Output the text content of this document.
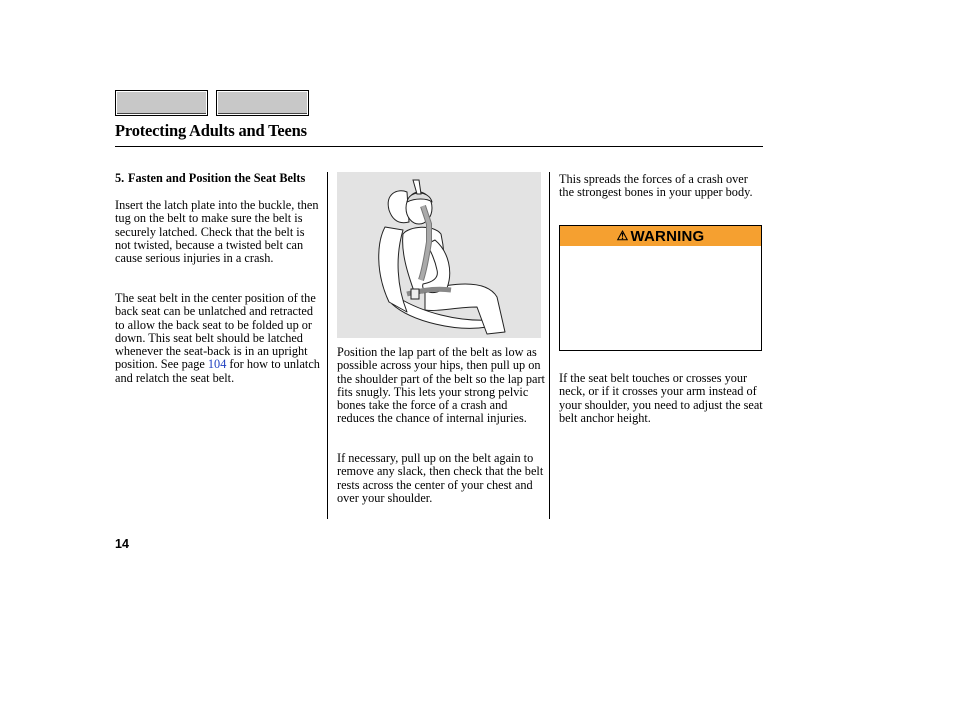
Protecting Adults and Teens
5. Fasten and Position the Seat Belts
Insert the latch plate into the buckle, then tug on the belt to make sure the belt is securely latched. Check that the belt is not twisted, because a twisted belt can cause serious injuries in a crash.
The seat belt in the center position of the back seat can be unlatched and retracted to allow the back seat to be folded up or down. This seat belt should be latched whenever the seat-back is in an upright position. See page 104 for how to unlatch and relatch the seat belt.
Position the lap part of the belt as low as possible across your hips, then pull up on the shoulder part of the belt so the lap part fits snugly. This lets your strong pelvic bones take the force of a crash and reduces the chance of internal injuries.
If necessary, pull up on the belt again to remove any slack, then check that the belt rests across the center of your chest and over your shoulder.
This spreads the forces of a crash over the strongest bones in your upper body.
⚠ WARNING
If the seat belt touches or crosses your neck, or if it crosses your arm instead of your shoulder, you need to adjust the seat belt anchor height.
14
